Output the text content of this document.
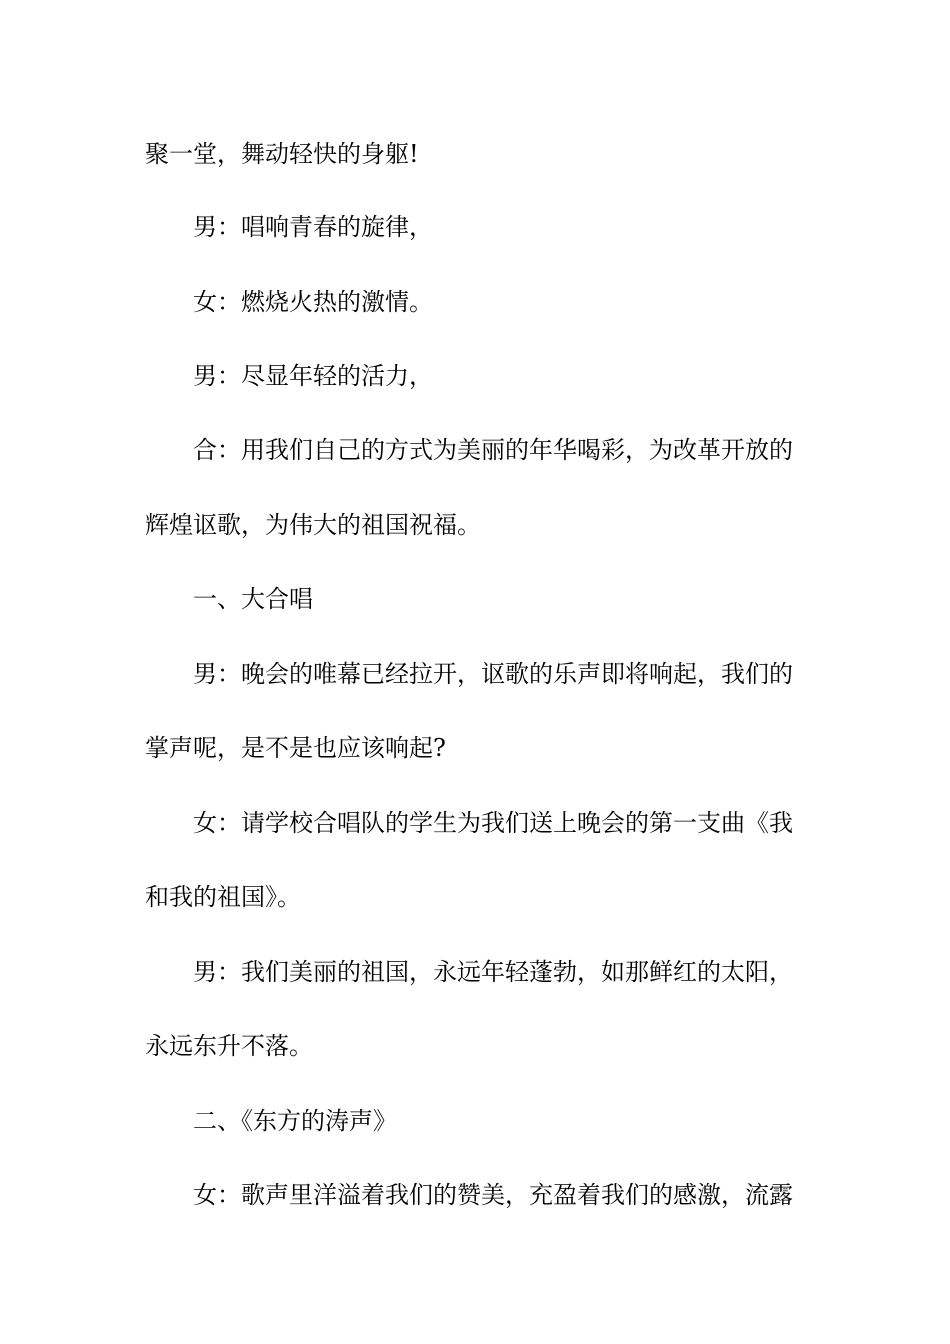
聚一堂，舞动轻快的身躯!
男：唱响青春的旋律，
女：燃烧火热的激情。
男：尽显年轻的活力，
合：用我们自己的方式为美丽的年华喝彩，为改革开放的
辉煌讴歌，为伟大的祖国祝福。
一、大合唱
男：晚会的唯幕已经拉开，讴歌的乐声即将响起，我们的
掌声呢，是不是也应该响起?
女：请学校合唱队的学生为我们送上晚会的第一支曲《我
和我的祖国》。
男：我们美丽的祖国，永远年轻蓬勃，如那鲜红的太阳，
永远东升不落。
二、《东方的涛声》
女：歌声里洋溢着我们的赞美，充盈着我们的感激，流露
